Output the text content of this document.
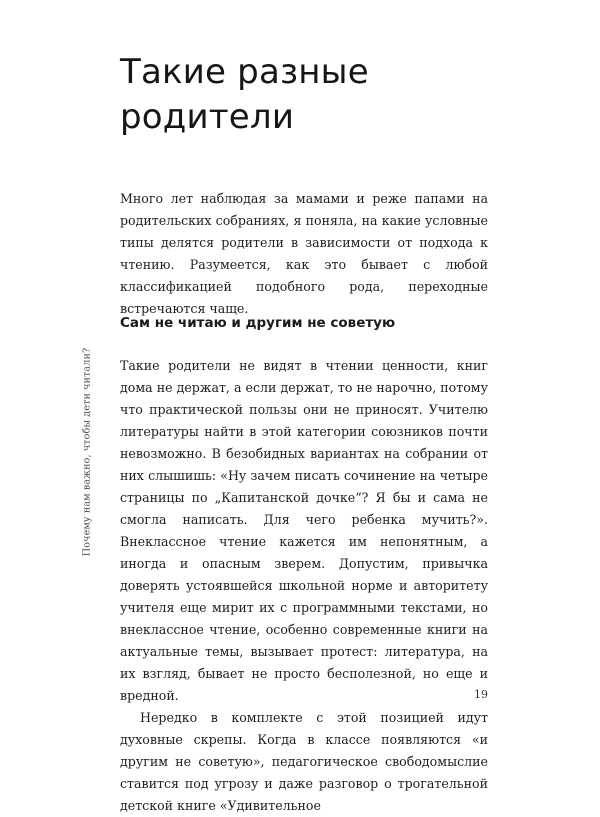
Такие разные
родители

Много лет наблюдая за мамами и реже папами на родительских собраниях, я поняла, на какие условные типы делятся родители в зависимости от подхода к чтению. Разумеется, как это бывает с любой классификацией подобного рода, переходные встречаются чаще.

Сам не читаю и другим не советую

Такие родители не видят в чтении ценности, книг дома не держат, а если держат, то не нарочно, потому что практической пользы они не приносят. Учителю литературы найти в этой категории союзников почти невозможно. В безобидных вариантах на собрании от них слышишь: «Ну зачем писать сочинение на четыре страницы по „Капитанской дочке“? Я бы и сама не смогла написать. Для чего ребенка мучить?». Внеклассное чтение кажется им непонятным, а иногда и опасным зверем. Допустим, привычка доверять устоявшейся школьной норме и авторитету учителя еще мирит их с программными текстами, но внеклассное чтение, особенно современные книги на актуальные темы, вызывает протест: литература, на их взгляд, бывает не просто бесполезной, но еще и вредной.

Нередко в комплекте с этой позицией идут духовные скрепы. Когда в классе появляются «и другим не советую», педагогическое свободомыслие ставится под угрозу и даже разговор о трогательной детской книге «Удивительное

Почему нам важно, чтобы дети читали?
19
